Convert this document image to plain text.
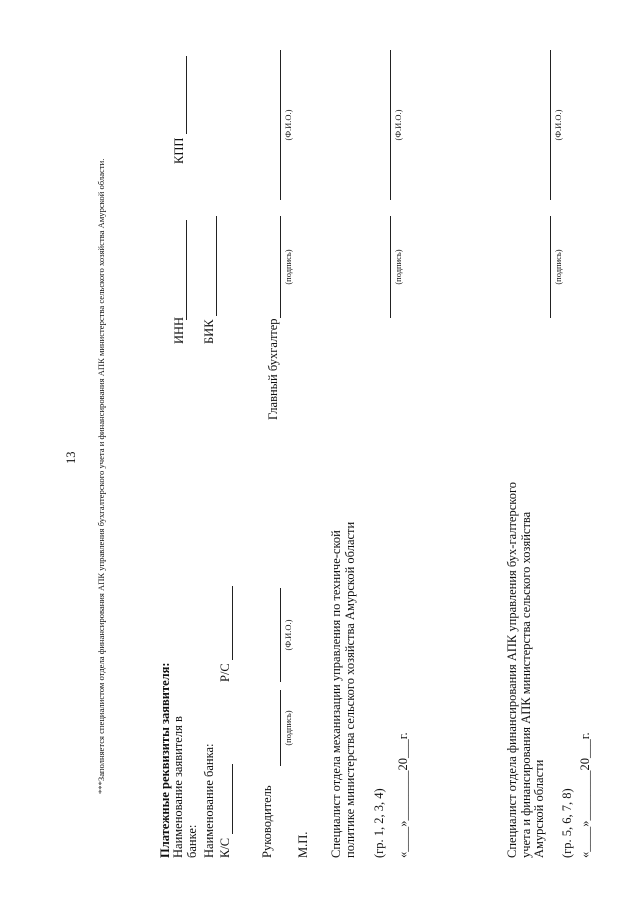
13 ***Заполняется специалистом отдела финансирования АПК управления бухгалтерского учета и финансирования АПК министерства сельского хозяйства Амурской области.	Платежные реквизиты заявителя: Наименование заявителя в банке:
ИНН
КПП
Наименование банка:
БИК
К/С
Р/С
Руководитель
(подпись)
(Ф.И.О.)
Главный бухгалтер
(подпись)
(Ф.И.О.)
М.П. Специалист отдела механизации управления по техниче-ской политике министерства сельского хозяйства Амурской области (гр. 1, 2, 3, 4) «____»________20___г.
(подпись)
(Ф.И.О.)
Специалист отдела финансирования АПК управления бух-галтерского учета и финансирования АПК министерства сельского хозяйства Амурской области (гр. 5, 6, 7, 8) «____»________20___г.
(подпись)
(Ф.И.О.)
